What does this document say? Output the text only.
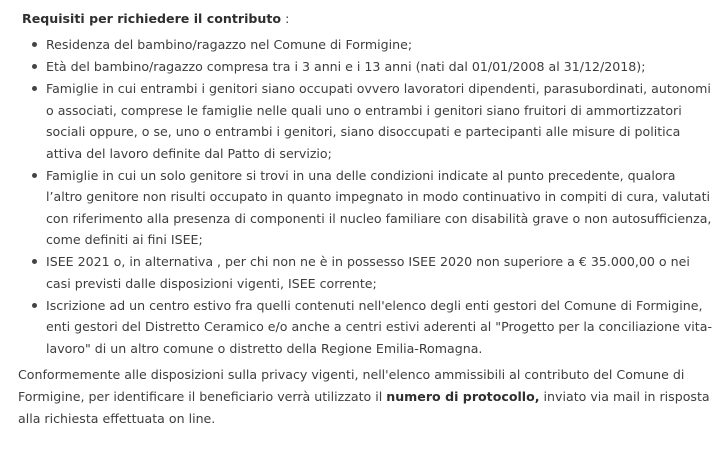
Requisiti per richiedere il contributo :

Residenza del bambino/ragazzo nel Comune di Formigine;
Età del bambino/ragazzo compresa tra i 3 anni e i 13 anni (nati dal 01/01/2008 al 31/12/2018);
Famiglie in cui entrambi i genitori siano occupati ovvero lavoratori dipendenti, parasubordinati, autonomi o associati, comprese le famiglie nelle quali uno o entrambi i genitori siano fruitori di ammortizzatori sociali oppure, o se, uno o entrambi i genitori, siano disoccupati e partecipanti alle misure di politica attiva del lavoro definite dal Patto di servizio;
Famiglie in cui un solo genitore si trovi in una delle condizioni indicate al punto precedente, qualora l’altro genitore non risulti occupato in quanto impegnato in modo continuativo in compiti di cura, valutati con riferimento alla presenza di componenti il nucleo familiare con disabilità grave o non autosufficienza, come definiti ai fini ISEE;
ISEE 2021 o, in alternativa , per chi non ne è in possesso ISEE 2020 non superiore a € 35.000,00 o nei casi previsti dalle disposizioni vigenti, ISEE corrente;
Iscrizione ad un centro estivo fra quelli contenuti nell'elenco degli enti gestori del Comune di Formigine, enti gestori del Distretto Ceramico e/o anche a centri estivi aderenti al "Progetto per la conciliazione vita-lavoro" di un altro comune o distretto della Regione Emilia-Romagna.

Conformemente alle disposizioni sulla privacy vigenti, nell'elenco ammissibili al contributo del Comune di Formigine, per identificare il beneficiario verrà utilizzato il numero di protocollo, inviato via mail in risposta alla richiesta effettuata on line.
